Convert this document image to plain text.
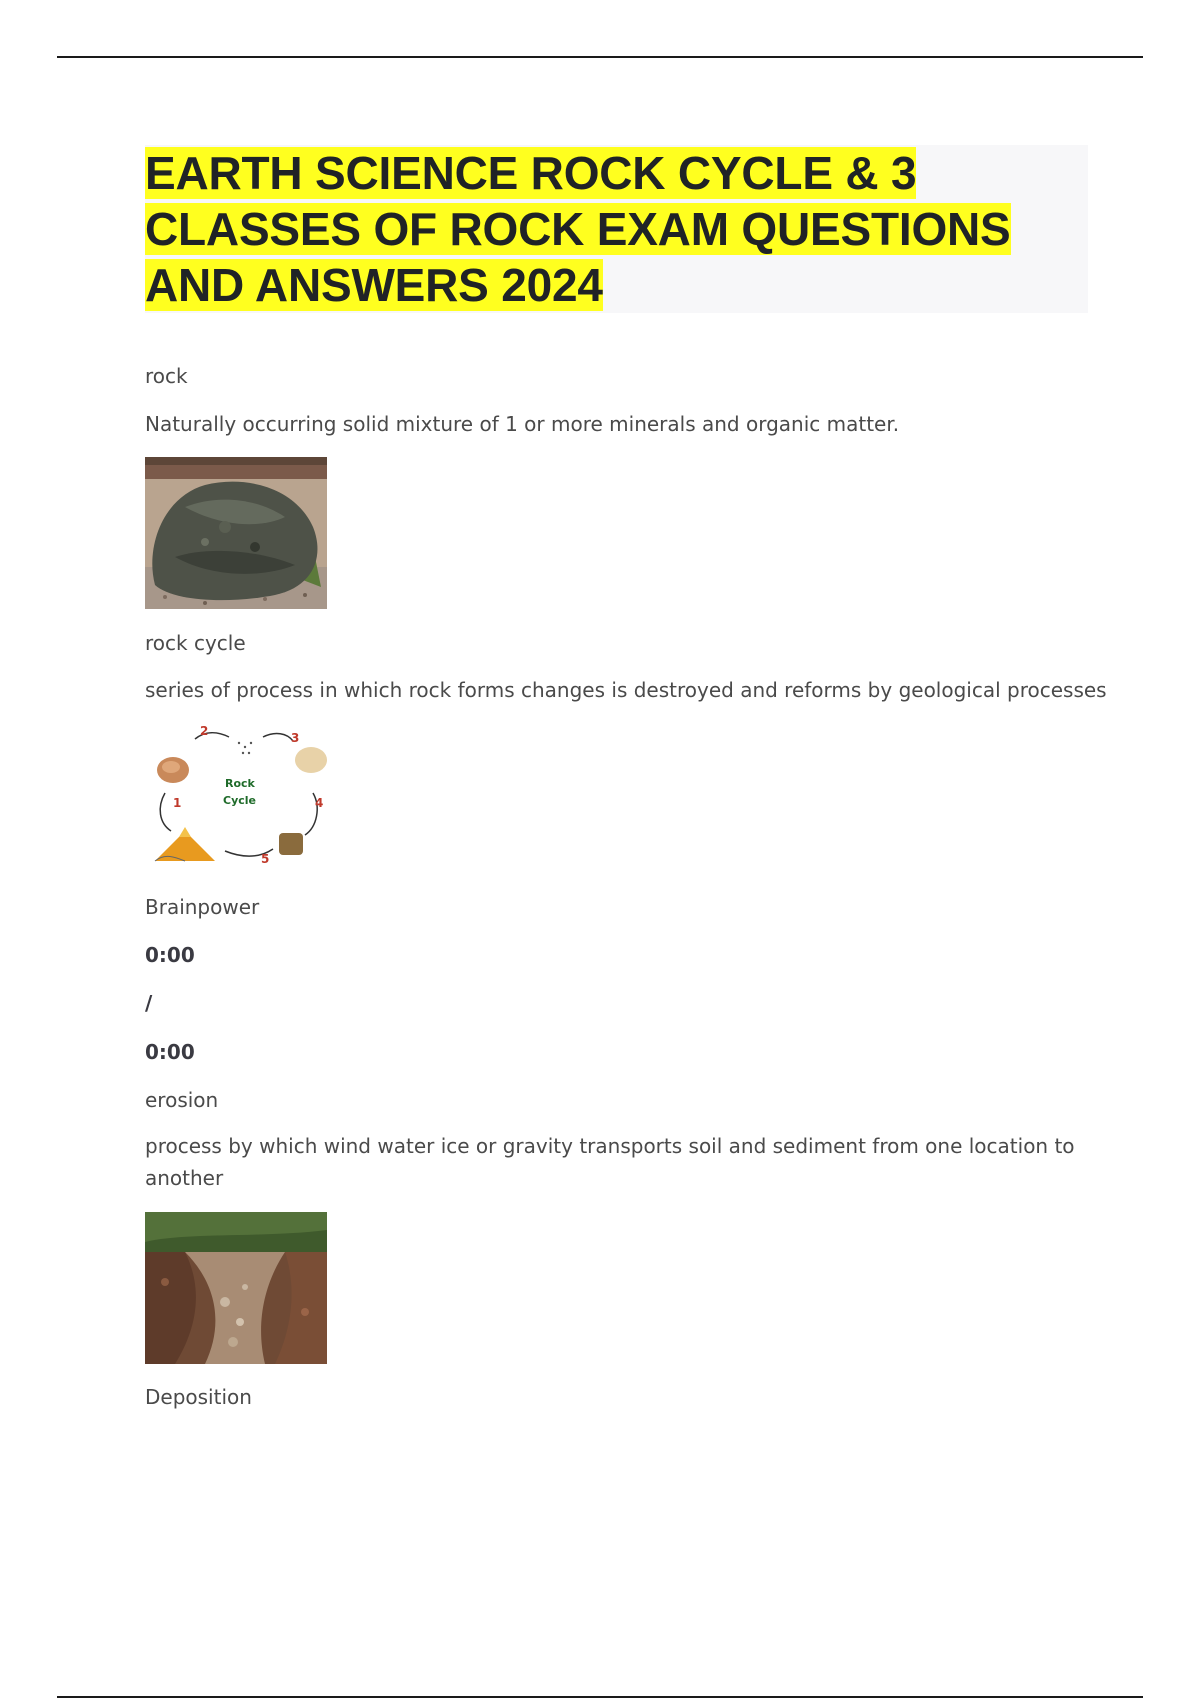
EARTH SCIENCE ROCK CYCLE & 3
CLASSES OF ROCK EXAM QUESTIONS
AND ANSWERS 2024
rock
Naturally occurring solid mixture of 1 or more minerals and organic matter.
rock cycle
series of process in which rock forms changes is destroyed and reforms by geological processes
2	3
1	4
5
Rock
Cycle
Brainpower
0:00
/
0:00
erosion
process by which wind water ice or gravity transports soil and sediment from one location to another
Deposition
